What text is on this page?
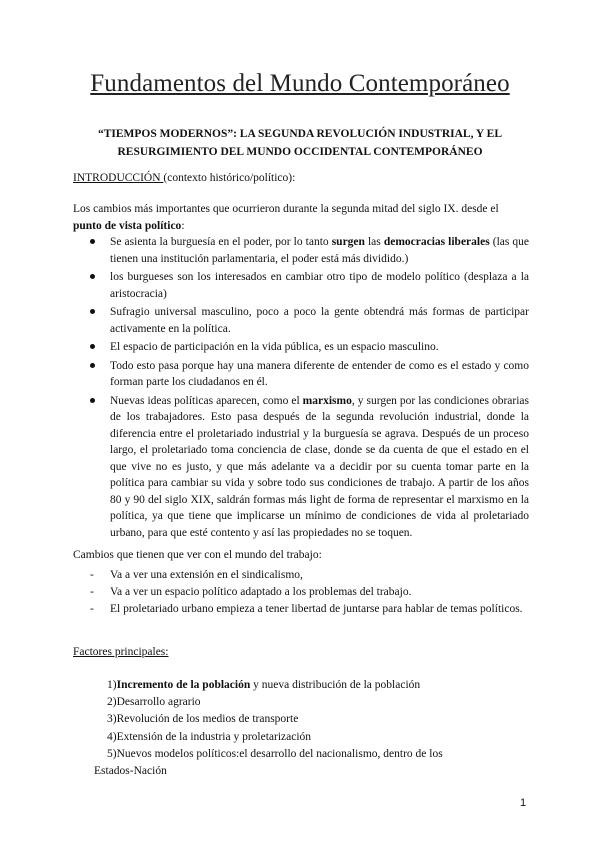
Fundamentos del Mundo Contemporáneo
“TIEMPOS MODERNOS”: LA SEGUNDA REVOLUCIÓN INDUSTRIAL, Y EL RESURGIMIENTO DEL MUNDO OCCIDENTAL CONTEMPORÁNEO
INTRODUCCIÓN (contexto histórico/político):
Los cambios más importantes que ocurrieron durante la segunda mitad del siglo IX. desde el punto de vista político:
Se asienta la burguesía en el poder, por lo tanto surgen las democracias liberales (las que tienen una institución parlamentaria, el poder está más dividido.)
los burgueses son los interesados en cambiar otro tipo de modelo político (desplaza a la aristocracia)
Sufragio universal masculino, poco a poco la gente obtendrá más formas de participar activamente en la política.
El espacio de participación en la vida pública, es un espacio masculino.
Todo esto pasa porque hay una manera diferente de entender de como es el estado y como forman parte los ciudadanos en él.
Nuevas ideas políticas aparecen, como el marxismo, y surgen por las condiciones obrarias de los trabajadores. Esto pasa después de la segunda revolución industrial, donde la diferencia entre el proletariado industrial y la burguesía se agrava. Después de un proceso largo, el proletariado toma conciencia de clase, donde se da cuenta de que el estado en el que vive no es justo, y que más adelante va a decidir por su cuenta tomar parte en la política para cambiar su vida y sobre todo sus condiciones de trabajo. A partir de los años 80 y 90 del siglo XIX, saldrán formas más light de forma de representar el marxismo en la política, ya que tiene que implicarse un mínimo de condiciones de vida al proletariado urbano, para que esté contento y así las propiedades no se toquen.
Cambios que tienen que ver con el mundo del trabajo:
- Va a ver una extensión en el sindicalismo,
- Va a ver un espacio político adaptado a los problemas del trabajo.
- El proletariado urbano empieza a tener libertad de juntarse para hablar de temas políticos.
Factores principales:
1)Incremento de la población y nueva distribución de la población
2)Desarrollo agrario
3)Revolución de los medios de transporte
4)Extensión de la industria y proletarización
5)Nuevos modelos políticos:el desarrollo del nacionalismo, dentro de los
Estados-Nación
1
